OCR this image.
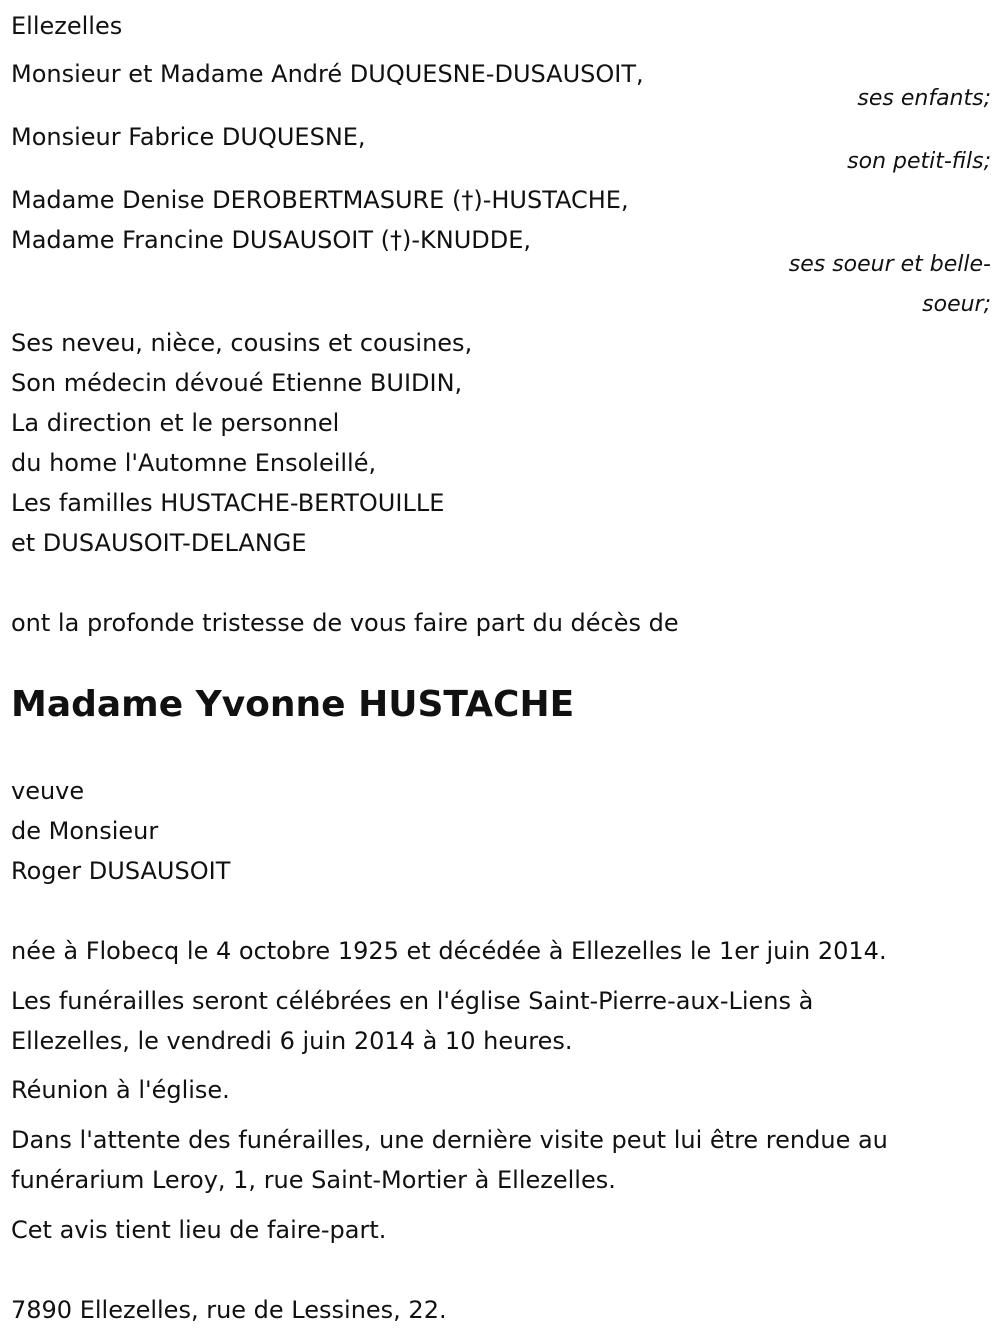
Ellezelles
Monsieur et Madame André DUQUESNE-DUSAUSOIT,
ses enfants;
Monsieur Fabrice DUQUESNE,
son petit-fils;
Madame Denise DEROBERTMASURE (†)-HUSTACHE,
Madame Francine DUSAUSOIT (†)-KNUDDE,
ses soeur et belle-
soeur;
Ses neveu, nièce, cousins et cousines,
Son médecin dévoué Etienne BUIDIN,
La direction et le personnel
du home l'Automne Ensoleillé,
Les familles HUSTACHE-BERTOUILLE
et DUSAUSOIT-DELANGE
ont la profonde tristesse de vous faire part du décès de
Madame Yvonne HUSTACHE
veuve
de Monsieur
Roger DUSAUSOIT
née à Flobecq le 4 octobre 1925 et décédée à Ellezelles le 1er juin 2014.
Les funérailles seront célébrées en l'église Saint-Pierre-aux-Liens à
Ellezelles, le vendredi 6 juin 2014 à 10 heures.
Réunion à l'église.
Dans l'attente des funérailles, une dernière visite peut lui être rendue au
funérarium Leroy, 1, rue Saint-Mortier à Ellezelles.
Cet avis tient lieu de faire-part.
7890 Ellezelles, rue de Lessines, 22.
